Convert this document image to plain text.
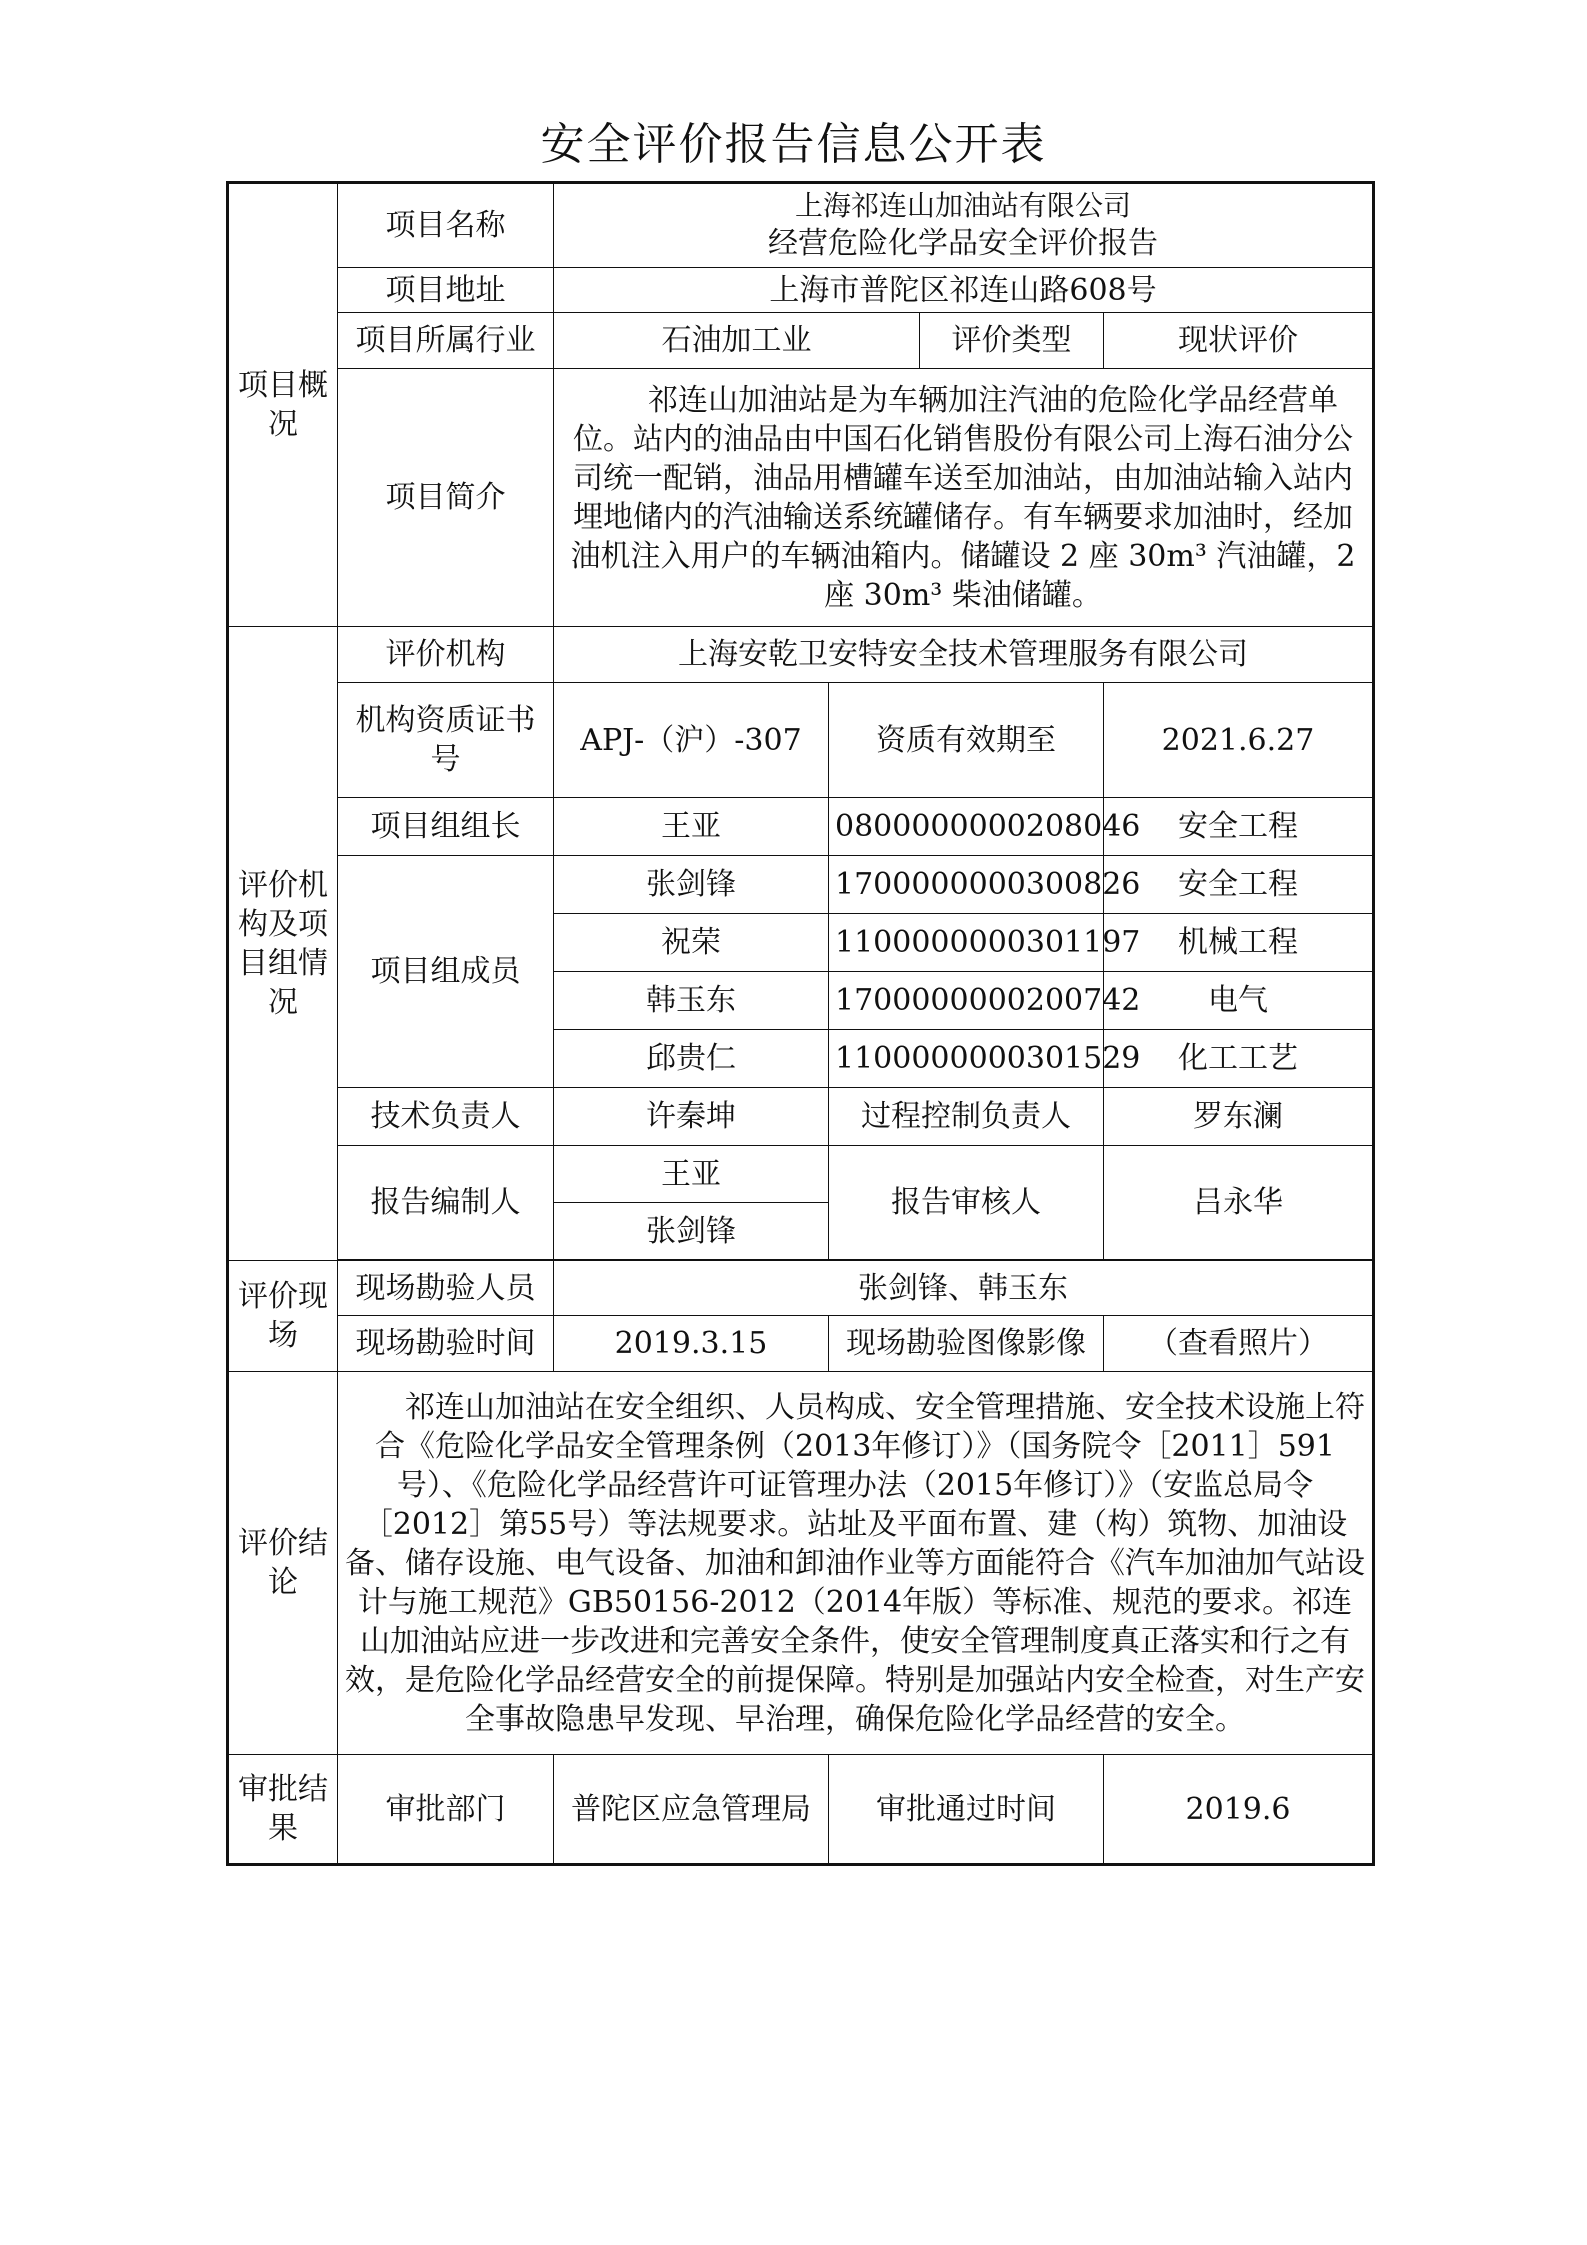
安全评价报告信息公开表
项目概况	项目名称	上海祁连山加油站有限公司
经营危险化学品安全评价报告			

	项目地址	上海市普陀区祁连山路608号			
	项目所属行业	石油加工业		评价类型	现状评价
	项目简介	　　祁连山加油站是为车辆加注汽油的危险化学品经营单位。站内的油品由中国石化销售股份有限公司上海石油分公司统一配销，油品用槽罐车送至加油站，由加油站输入站内埋地储内的汽油输送系统罐储存。有车辆要求加油时，经加油机注入用户的车辆油箱内。储罐设 2 座 30m³ 汽油罐，2 座 30m³ 柴油储罐。			
评价机构及项目组情况	评价机构	上海安乾卫安特安全技术管理服务有限公司			
	机构资质证书号	APJ-（沪）-307	资质有效期至		2021.6.27
	项目组组长	王亚	0800000000208046		安全工程
	项目组成员	张剑锋	1700000000300826		安全工程
		祝荣	1100000000301197		机械工程
		韩玉东	1700000000200742		电气
		邱贵仁	1100000000301529		化工工艺
	技术负责人	许秦坤	过程控制负责人		罗东澜
	报告编制人	王亚	报告审核人		吕永华
		张剑锋			

评价现场	现场勘验人员	张剑锋、韩玉东			
	现场勘验时间	2019.3.15	现场勘验图像影像		（查看照片）
评价结论	　　祁连山加油站在安全组织、人员构成、安全管理措施、安全技术设施上符合《危险化学品安全管理条例（2013年修订）》（国务院令［2011］591号）、《危险化学品经营许可证管理办法（2015年修订）》（安监总局令［2012］第55号）等法规要求。站址及平面布置、建（构）筑物、加油设备、储存设施、电气设备、加油和卸油作业等方面能符合《汽车加油加气站设计与施工规范》GB50156-2012（2014年版）等标准、规范的要求。祁连山加油站应进一步改进和完善安全条件，使安全管理制度真正落实和行之有效，是危险化学品经营安全的前提保障。特别是加强站内安全检查，对生产安全事故隐患早发现、早治理，确保危险化学品经营的安全。				
审批结果	审批部门	普陀区应急管理局	审批通过时间		2019.6
